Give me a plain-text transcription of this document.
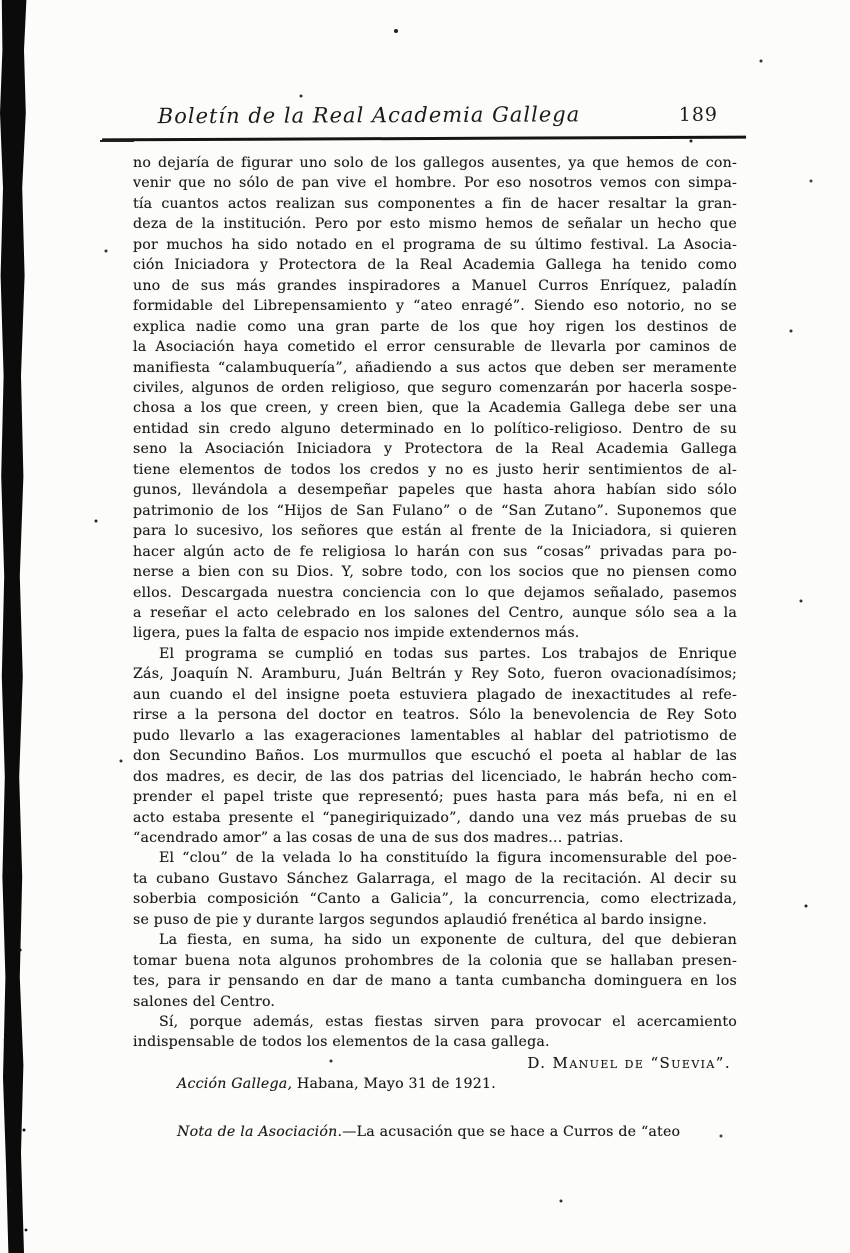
Boletín de la Real Academia Gallega	189
no dejaría de figurar uno solo de los gallegos ausentes, ya que hemos de con-
venir que no sólo de pan vive el hombre. Por eso nosotros vemos con simpa-
tía cuantos actos realizan sus componentes a fin de hacer resaltar la gran-
deza de la institución. Pero por esto mismo hemos de señalar un hecho que
por muchos ha sido notado en el programa de su último festival. La Asocia-
ción Iniciadora y Protectora de la Real Academia Gallega ha tenido como
uno de sus más grandes inspiradores a Manuel Curros Enríquez, paladín
formidable del Librepensamiento y “ateo enragé”. Siendo eso notorio, no se
explica nadie como una gran parte de los que hoy rigen los destinos de
la Asociación haya cometido el error censurable de llevarla por caminos de
manifiesta “calambuquería”, añadiendo a sus actos que deben ser meramente
civiles, algunos de orden religioso, que seguro comenzarán por hacerla sospe-
chosa a los que creen, y creen bien, que la Academia Gallega debe ser una
entidad sin credo alguno determinado en lo político-religioso. Dentro de su
seno la Asociación Iniciadora y Protectora de la Real Academia Gallega
tiene elementos de todos los credos y no es justo herir sentimientos de al-
gunos, llevándola a desempeñar papeles que hasta ahora habían sido sólo
patrimonio de los “Hijos de San Fulano” o de “San Zutano”. Suponemos que
para lo sucesivo, los señores que están al frente de la Iniciadora, si quieren
hacer algún acto de fe religiosa lo harán con sus “cosas” privadas para po-
nerse a bien con su Dios. Y, sobre todo, con los socios que no piensen como
ellos. Descargada nuestra conciencia con lo que dejamos señalado, pasemos
a reseñar el acto celebrado en los salones del Centro, aunque sólo sea a la
ligera, pues la falta de espacio nos impide extendernos más.
El programa se cumplió en todas sus partes. Los trabajos de Enrique
Zás, Joaquín N. Aramburu, Juán Beltrán y Rey Soto, fueron ovacionadísimos;
aun cuando el del insigne poeta estuviera plagado de inexactitudes al refe-
rirse a la persona del doctor en teatros. Sólo la benevolencia de Rey Soto
pudo llevarlo a las exageraciones lamentables al hablar del patriotismo de
don Secundino Baños. Los murmullos que escuchó el poeta al hablar de las
dos madres, es decir, de las dos patrias del licenciado, le habrán hecho com-
prender el papel triste que representó; pues hasta para más befa, ni en el
acto estaba presente el “panegiriquizado”, dando una vez más pruebas de su
“acendrado amor” a las cosas de una de sus dos madres... patrias.
El “clou” de la velada lo ha constituído la figura incomensurable del poe-
ta cubano Gustavo Sánchez Galarraga, el mago de la recitación. Al decir su
soberbia composición “Canto a Galicia”, la concurrencia, como electrizada,
se puso de pie y durante largos segundos aplaudió frenética al bardo insigne.
La fiesta, en suma, ha sido un exponente de cultura, del que debieran
tomar buena nota algunos prohombres de la colonia que se hallaban presen-
tes, para ir pensando en dar de mano a tanta cumbancha dominguera en los
salones del Centro.
Sí, porque además, estas fiestas sirven para provocar el acercamiento
indispensable de todos los elementos de la casa gallega.
D. Manuel de “Suevia”.
Acción Gallega, Habana, Mayo 31 de 1921.
Nota de la Asociación.—La acusación que se hace a Curros de “ateo
